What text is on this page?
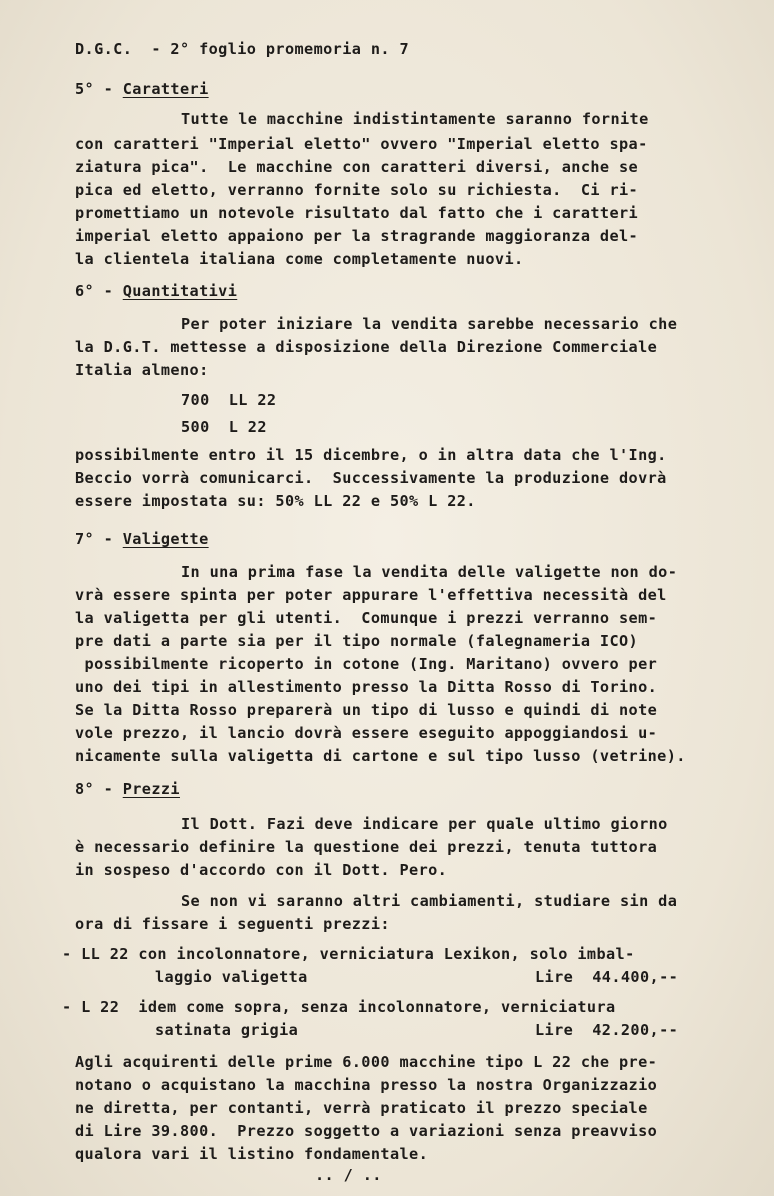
D.G.C.  - 2° foglio promemoria n. 7
5° - Caratteri
Tutte le macchine indistintamente saranno fornite
con caratteri "Imperial eletto" ovvero "Imperial eletto spa-
ziatura pica".  Le macchine con caratteri diversi, anche se
pica ed eletto, verranno fornite solo su richiesta.  Ci ri-
promettiamo un notevole risultato dal fatto che i caratteri
imperial eletto appaiono per la stragrande maggioranza del-
la clientela italiana come completamente nuovi.
6° - Quantitativi
Per poter iniziare la vendita sarebbe necessario che
la D.G.T. mettesse a disposizione della Direzione Commerciale
Italia almeno:
700  LL 22
500  L 22
possibilmente entro il 15 dicembre, o in altra data che l'Ing.
Beccio vorrà comunicarci.  Successivamente la produzione dovrà
essere impostata su: 50% LL 22 e 50% L 22.
7° - Valigette
In una prima fase la vendita delle valigette non do-
vrà essere spinta per poter appurare l'effettiva necessità del
la valigetta per gli utenti.  Comunque i prezzi verranno sem-
pre dati a parte sia per il tipo normale (falegnameria ICO)
possibilmente ricoperto in cotone (Ing. Maritano) ovvero per
uno dei tipi in allestimento presso la Ditta Rosso di Torino.
Se la Ditta Rosso preparerà un tipo di lusso e quindi di note
vole prezzo, il lancio dovrà essere eseguito appoggiandosi u-
nicamente sulla valigetta di cartone e sul tipo lusso (vetrine).
8° - Prezzi
Il Dott. Fazi deve indicare per quale ultimo giorno
è necessario definire la questione dei prezzi, tenuta tuttora
in sospeso d'accordo con il Dott. Pero.
Se non vi saranno altri cambiamenti, studiare sin da
ora di fissare i seguenti prezzi:
- LL 22 con incolonnatore, verniciatura Lexikon, solo imbal-
laggio valigetta	Lire  44.400,--
- L 22  idem come sopra, senza incolonnatore, verniciatura
satinata grigia	Lire  42.200,--
Agli acquirenti delle prime 6.000 macchine tipo L 22 che pre-
notano o acquistano la macchina presso la nostra Organizzazio
ne diretta, per contanti, verrà praticato il prezzo speciale
di Lire 39.800.  Prezzo soggetto a variazioni senza preavviso
qualora vari il listino fondamentale.
.. / ..
